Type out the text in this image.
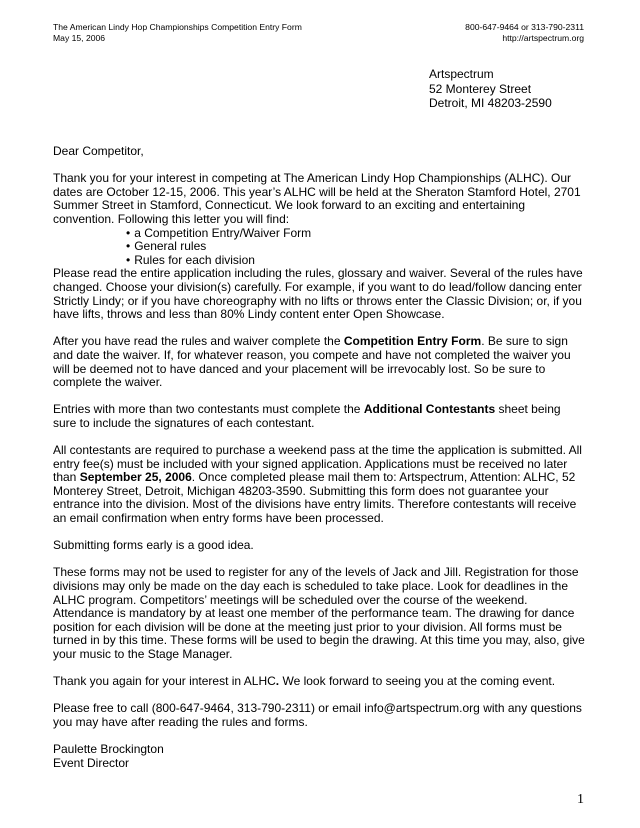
The American Lindy Hop Championships Competition Entry Form
May 15, 2006
800-647-9464 or 313-790-2311
http://artspectrum.org
Artspectrum
52 Monterey Street
Detroit, MI 48203-2590

Dear Competitor,

Thank you for your interest in competing at The American Lindy Hop Championships (ALHC). Our dates are October 12-15, 2006. This year’s ALHC will be held at the Sheraton Stamford Hotel, 2701 Summer Street in Stamford, Connecticut. We look forward to an exciting and entertaining convention. Following this letter you will find:

• a Competition Entry/Waiver Form
• General rules
• Rules for each division

Please read the entire application including the rules, glossary and waiver. Several of the rules have changed. Choose your division(s) carefully. For example, if you want to do lead/follow dancing enter Strictly Lindy; or if you have choreography with no lifts or throws enter the Classic Division; or, if you have lifts, throws and less than 80% Lindy content enter Open Showcase.

After you have read the rules and waiver complete the Competition Entry Form. Be sure to sign and date the waiver. If, for whatever reason, you compete and have not completed the waiver you will be deemed not to have danced and your placement will be irrevocably lost. So be sure to complete the waiver.

Entries with more than two contestants must complete the Additional Contestants sheet being sure to include the signatures of each contestant.

All contestants are required to purchase a weekend pass at the time the application is submitted. All entry fee(s) must be included with your signed application. Applications must be received no later than September 25, 2006. Once completed please mail them to: Artspectrum, Attention: ALHC, 52 Monterey Street, Detroit, Michigan 48203-3590. Submitting this form does not guarantee your entrance into the division. Most of the divisions have entry limits. Therefore contestants will receive an email confirmation when entry forms have been processed.

Submitting forms early is a good idea.

These forms may not be used to register for any of the levels of Jack and Jill. Registration for those divisions may only be made on the day each is scheduled to take place. Look for deadlines in the ALHC program. Competitors’ meetings will be scheduled over the course of the weekend. Attendance is mandatory by at least one member of the performance team. The drawing for dance position for each division will be done at the meeting just prior to your division. All forms must be turned in by this time. These forms will be used to begin the drawing. At this time you may, also, give your music to the Stage Manager.

Thank you again for your interest in ALHC. We look forward to seeing you at the coming event.

Please free to call (800-647-9464, 313-790-2311) or email info@artspectrum.org with any questions you may have after reading the rules and forms.

Paulette Brockington
Event Director
1
